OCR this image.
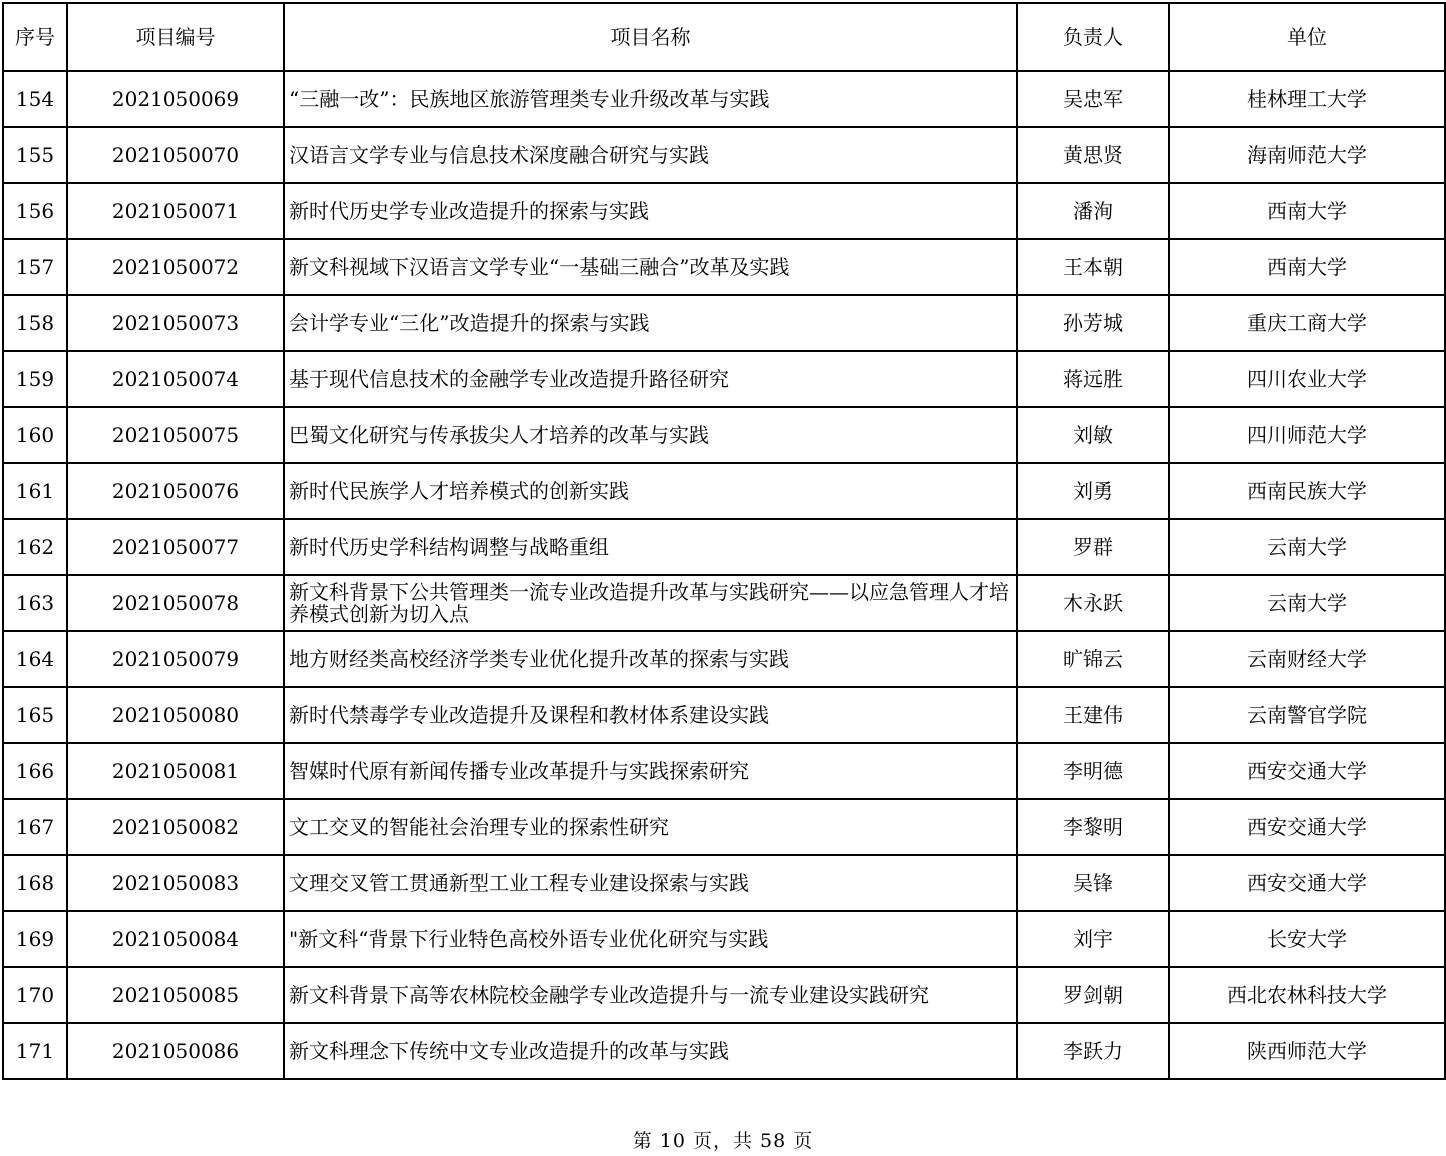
序号	项目编号	项目名称	负责人	单位
154	2021050069	“三融一改”：民族地区旅游管理类专业升级改革与实践	吴忠军	桂林理工大学
155	2021050070	汉语言文学专业与信息技术深度融合研究与实践	黄思贤	海南师范大学
156	2021050071	新时代历史学专业改造提升的探索与实践	潘洵	西南大学
157	2021050072	新文科视域下汉语言文学专业“一基础三融合”改革及实践	王本朝	西南大学
158	2021050073	会计学专业“三化”改造提升的探索与实践	孙芳城	重庆工商大学
159	2021050074	基于现代信息技术的金融学专业改造提升路径研究	蒋远胜	四川农业大学
160	2021050075	巴蜀文化研究与传承拔尖人才培养的改革与实践	刘敏	四川师范大学
161	2021050076	新时代民族学人才培养模式的创新实践	刘勇	西南民族大学
162	2021050077	新时代历史学科结构调整与战略重组	罗群	云南大学
163	2021050078	新文科背景下公共管理类一流专业改造提升改革与实践研究——以应急管理人才培养模式创新为切入点	木永跃	云南大学
164	2021050079	地方财经类高校经济学类专业优化提升改革的探索与实践	旷锦云	云南财经大学
165	2021050080	新时代禁毒学专业改造提升及课程和教材体系建设实践	王建伟	云南警官学院
166	2021050081	智媒时代原有新闻传播专业改革提升与实践探索研究	李明德	西安交通大学
167	2021050082	文工交叉的智能社会治理专业的探索性研究	李黎明	西安交通大学
168	2021050083	文理交叉管工贯通新型工业工程专业建设探索与实践	吴锋	西安交通大学
169	2021050084	"新文科“背景下行业特色高校外语专业优化研究与实践	刘宇	长安大学
170	2021050085	新文科背景下高等农林院校金融学专业改造提升与一流专业建设实践研究	罗剑朝	西北农林科技大学
171	2021050086	新文科理念下传统中文专业改造提升的改革与实践	李跃力	陕西师范大学
第 10 页，共 58 页
